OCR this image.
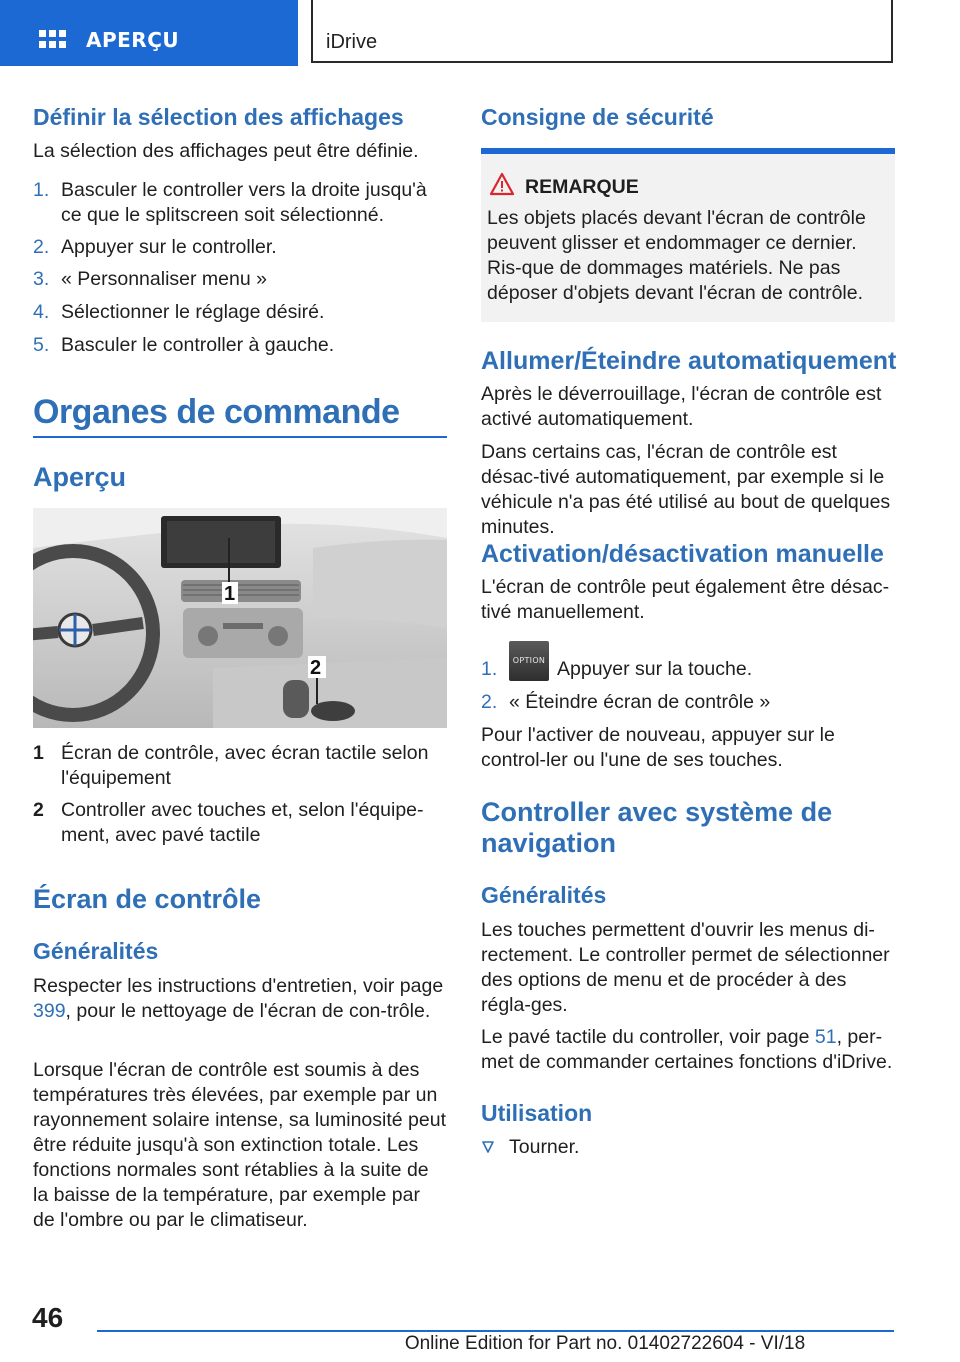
APERÇU	iDrive
Définir la sélection des affichages
La sélection des affichages peut être définie.
1. Basculer le controller vers la droite jusqu'à ce que le splitscreen soit sélectionné.
2. Appuyer sur le controller.
3. « Personnaliser menu »
4. Sélectionner le réglage désiré.
5. Basculer le controller à gauche.
Organes de commande
Aperçu
1
2
1 Écran de contrôle, avec écran tactile selon l'équipement
2 Controller avec touches et, selon l'équipe‐ment, avec pavé tactile
Écran de contrôle
Généralités
Respecter les instructions d'entretien, voir page 399, pour le nettoyage de l'écran de con‐trôle.
Lorsque l'écran de contrôle est soumis à des températures très élevées, par exemple par un rayonnement solaire intense, sa luminosité peut être réduite jusqu'à son extinction totale. Les fonctions normales sont rétablies à la suite de la baisse de la température, par exemple par de l'ombre ou par le climatiseur.
Consigne de sécurité
REMARQUE
Les objets placés devant l'écran de contrôle peuvent glisser et endommager ce dernier. Ris‐que de dommages matériels. Ne pas déposer d'objets devant l'écran de contrôle.
Allumer/Éteindre automatiquement
Après le déverrouillage, l'écran de contrôle est activé automatiquement.
Dans certains cas, l'écran de contrôle est désac‐tivé automatiquement, par exemple si le véhicule n'a pas été utilisé au bout de quelques minutes.
Activation/désactivation manuelle
L'écran de contrôle peut également être désac‐tivé manuellement.
1.	Appuyer sur la touche.
OPTION
2. « Éteindre écran de contrôle »
Pour l'activer de nouveau, appuyer sur le control‐ler ou l'une de ses touches.
Controller avec système de navigation
Généralités
Les touches permettent d'ouvrir les menus di‐rectement. Le controller permet de sélectionner des options de menu et de procéder à des régla‐ges.
Le pavé tactile du controller, voir page 51, per‐met de commander certaines fonctions d'iDrive.
Utilisation
Tourner.
46
Online Edition for Part no. 01402722604 - VI/18
